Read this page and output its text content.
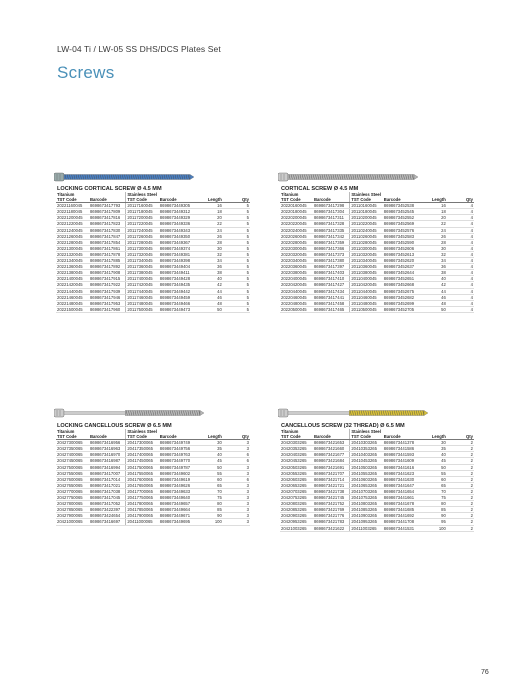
LW-04 Ti / LW-05 SS DHS/DCS Plates Set
Screws
LOCKING CORTICAL SCREW Ø 4.5 MM
Titanium		Stainless Steel			
TST Code	Barcode	TST Code	Barcode	Length	Qty
20221160045	8698673417793	20117160045	8698673449305	16	5
20221180045	8698673417809	20117180045	8698673449312	18	5
20221200045	8698673417816	20117200045	8698673449329	20	5
20221220045	8698673417823	20117220045	8698673449336	22	5
20221240045	8698673417830	20117240045	8698673449343	24	5
20221260045	8698673417847	20117260045	8698673449350	26	5
20221280045	8698673417854	20117280045	8698673449367	28	5
20221300045	8698673417861	20117300045	8698673449374	30	5
20221320045	8698673417878	20117320045	8698673449381	32	5
20221340045	8698673417885	20117340045	8698673449398	34	5
20221360045	8698673417892	20117360045	8698673449404	36	5
20221380045	8698673417908	20117380045	8698673449411	38	5
20221400045	8698673417915	20117400045	8698673449428	40	5
20221420045	8698673417922	20117420045	8698673449435	42	5
20221440045	8698673417939	20117440045	8698673449442	44	5
20221460045	8698673417946	20117460045	8698673449459	46	5
20221480045	8698673417953	20117480045	8698673449466	48	5
20221500045	8698673417960	20117500045	8698673449473	50	5
CORTICAL SCREW Ø 4.5 MM
Titanium		Stainless Steel			
TST Code	Barcode	TST Code	Barcode	Length	Qty
20220160045	8698673417298	20110160045	8698673452538	16	4
20220180045	8698673417304	20110180045	8698673452545	18	4
20220200045	8698673417311	20110200045	8698673452552	20	4
20220220045	8698673417328	20110220045	8698673452569	22	4
20220240045	8698673417335	20110240045	8698673452576	24	4
20220260045	8698673417342	20110260045	8698673452583	26	4
20220280045	8698673417359	20110280045	8698673452590	28	4
20220300045	8698673417366	20110300045	8698673452606	30	4
20220320045	8698673417373	20110320045	8698673452613	32	4
20220340045	8698673417380	20110340045	8698673452620	34	4
20220360045	8698673417397	20110360045	8698673452637	36	4
20220380045	8698673417403	20110380045	8698673452644	38	4
20220400045	8698673417410	20110400045	8698673452651	40	4
20220420045	8698673417427	20110420045	8698673452668	42	4
20220440045	8698673417434	20110440045	8698673452675	44	4
20220460045	8698673417441	20110460045	8698673452682	46	4
20220480045	8698673417458	20110480045	8698673452699	48	4
20220500045	8698673417465	20110500045	8698673452705	50	4
LOCKING CANCELLOUS SCREW Ø 6.5 MM
Titanium		Stainless Steel			
TST Code	Barcode	TST Code	Barcode	Length	Qty
20427300065	8698673416956	20417300065	8698673449749	30	3
20427350065	8698673416963	20417350065	8698673449756	35	3
20427400065	8698673416970	20417400065	8698673449763	40	6
20427450065	8698673416987	20417450065	8698673449770	45	6
20427500065	8698673416994	20417500065	8698673449787	50	3
20427550065	8698673417007	20417550065	8698673449602	55	3
20427600065	8698673417014	20417600065	8698673449619	60	6
20427650065	8698673417021	20417650065	8698673449626	65	3
20427700065	8698673417038	20417700065	8698673449633	70	3
20427750065	8698673417045	20417750065	8698673449640	75	3
20427800065	8698673417052	20417800065	8698673449657	80	3
20427850065	8698673422397	20417850065	8698673449664	85	3
20427900065	8698673424654	20417900065	8698673449671	90	3
20421000065	8698673416697	20411000065	8698673449695	100	3
CANCELLOUS SCREW (32 THREAD) Ø 6.5 MM
Titanium		Stainless Steel			
TST Code	Barcode	TST Code	Barcode	Length	Qty
20420303265	8698673421653	20410303265	8698673441378	30	2
20420353265	8698673421660	20410353265	8698673441586	35	2
20420403265	8698673421677	20410403265	8698673441593	40	2
20420453265	8698673421684	20410453265	8698673441609	45	2
20420503265	8698673421691	20410503265	8698673441616	50	2
20420553265	8698673421707	20410553265	8698673441623	55	2
20420603265	8698673421714	20410603265	8698673441630	60	2
20420653265	8698673421721	20410653265	8698673441647	65	2
20420703265	8698673421738	20410703265	8698673441654	70	2
20420753265	8698673421745	20410753265	8698673441661	75	2
20420803265	8698673421752	20410803265	8698673441678	80	2
20420853265	8698673421769	20410853265	8698673441685	85	2
20420903265	8698673421776	20410903265	8698673441692	90	2
20420953265	8698673421783	20410953265	8698673441708	95	2
20421003265	8698673421622	20411003265	8698673441531	100	2
76
